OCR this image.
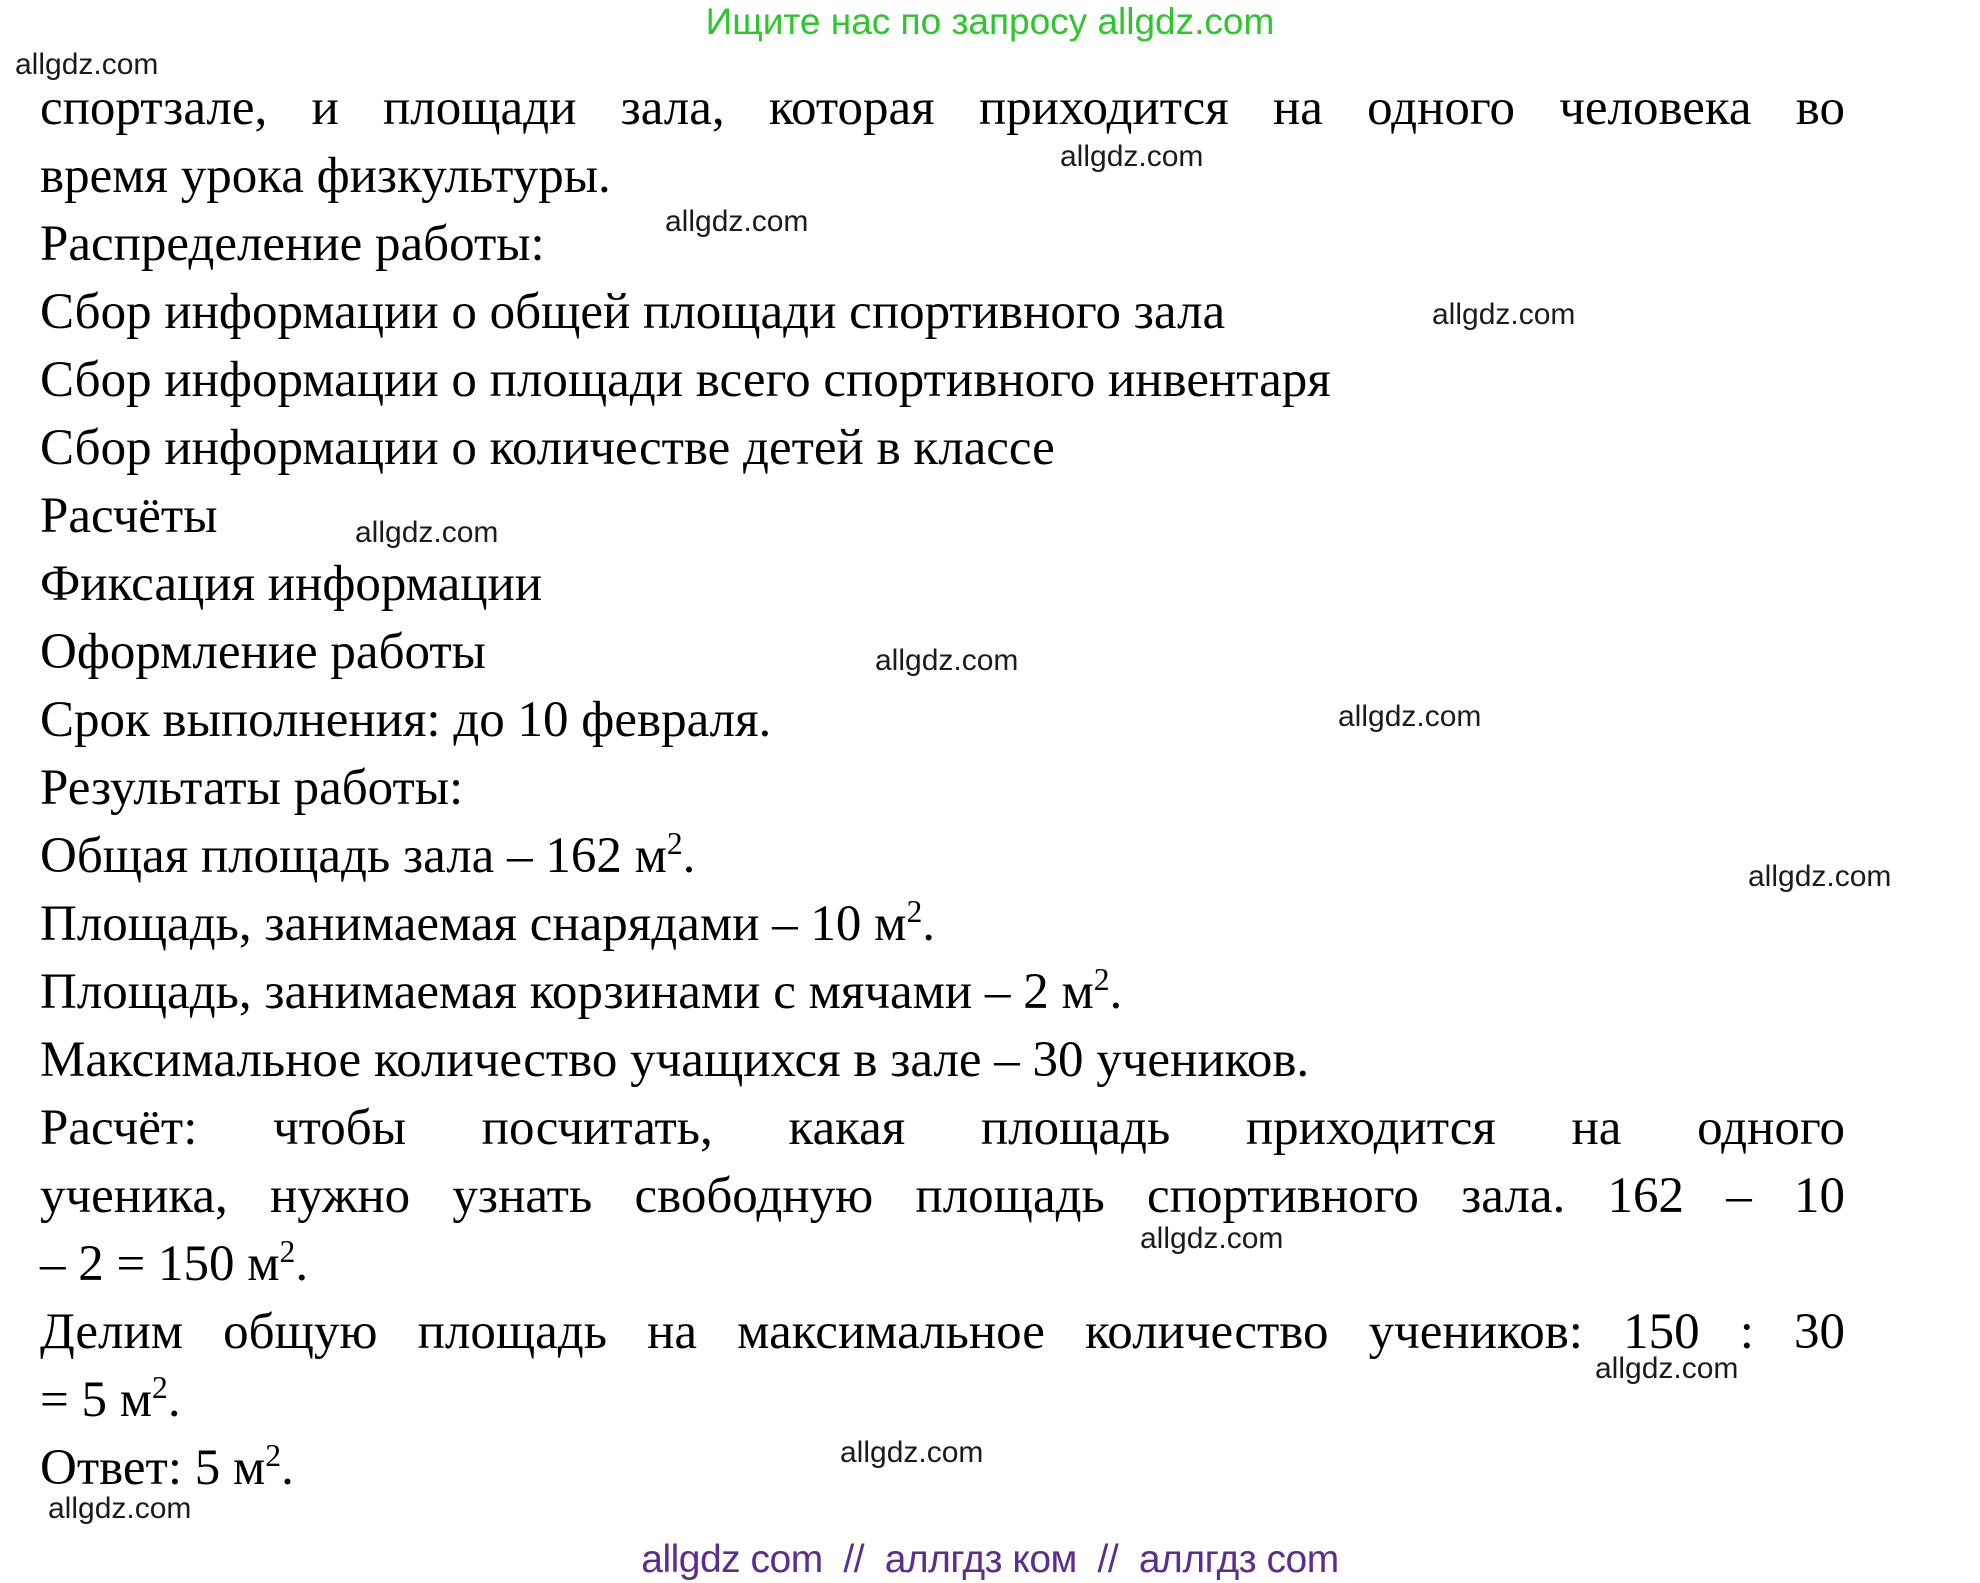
Ищите нас по запросу allgdz.com
allgdz.com
allgdz.com
allgdz.com
allgdz.com
allgdz.com
allgdz.com
allgdz.com
allgdz.com
allgdz.com
allgdz.com
allgdz.com
allgdz.com
спортзале, и площади зала, которая приходится на одного человека во
время урока физкультуры.
Распределение работы:
Сбор информации о общей площади спортивного зала
Сбор информации о площади всего спортивного инвентаря
Сбор информации о количестве детей в классе
Расчёты
Фиксация информации
Оформление работы
Срок выполнения: до 10 февраля.
Результаты работы:
Общая площадь зала – 162 $м^2$.
Площадь, занимаемая снарядами – 10 $м^2$.
Площадь, занимаемая корзинами с мячами – 2 $м^2$.
Максимальное количество учащихся в зале – 30 учеников.
Расчёт: чтобы посчитать, какая площадь приходится на одного
ученика, нужно узнать свободную площадь спортивного зала. 162 – 10
– 2 = 150 $м^2$.
Делим общую площадь на максимальное количество учеников: 150 : 30
= 5 $м^2$.
Ответ: 5 $м^2$.
allgdz com  //  аллгдз ком  //  аллгдз com
